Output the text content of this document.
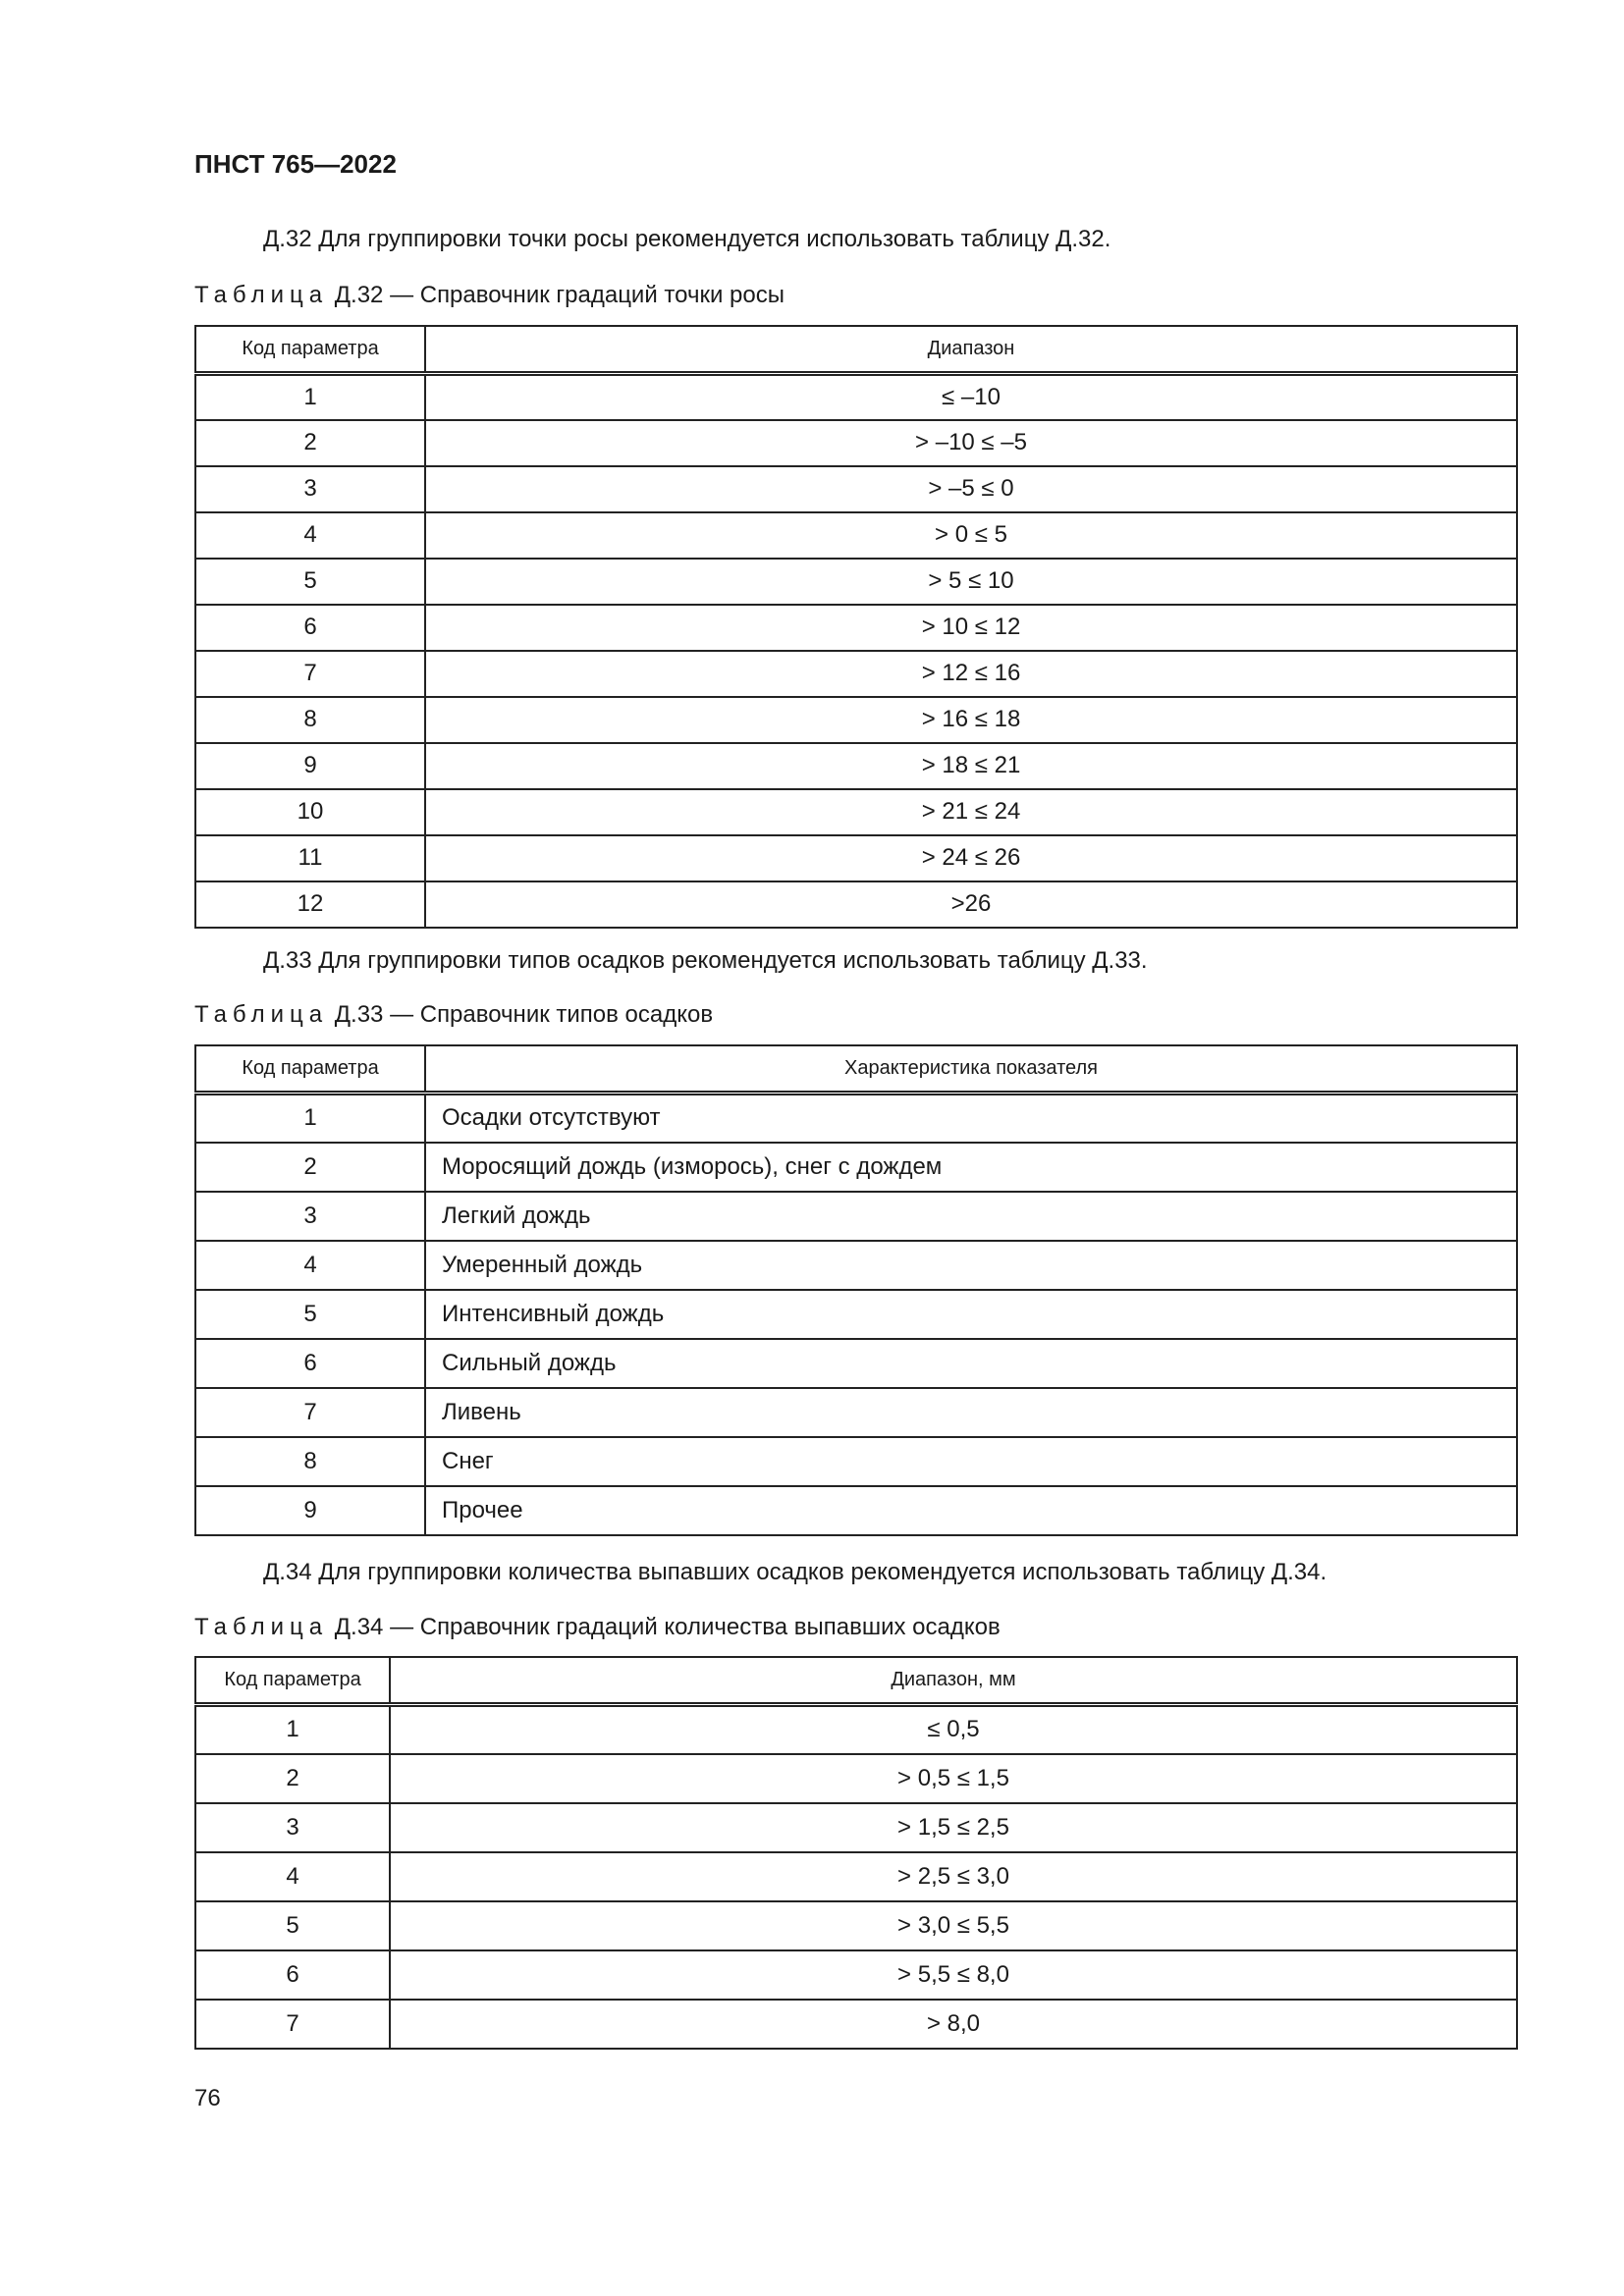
ПНСТ 765—2022
Д.32 Для группировки точки росы рекомендуется использовать таблицу Д.32.
Таблица Д.32 — Справочник градаций точки росы
Код параметра	Диапазон
1	≤ –10
2	> –10 ≤ –5
3	> –5 ≤ 0
4	> 0 ≤ 5
5	> 5 ≤ 10
6	> 10 ≤ 12
7	> 12 ≤ 16
8	> 16 ≤ 18
9	> 18 ≤ 21
10	> 21 ≤ 24
11	> 24 ≤ 26
12	>26
Д.33 Для группировки типов осадков рекомендуется использовать таблицу Д.33.
Таблица Д.33 — Справочник типов осадков
Код параметра	Характеристика показателя
1	Осадки отсутствуют
2	Моросящий дождь (изморось), снег с дождем
3	Легкий дождь
4	Умеренный дождь
5	Интенсивный дождь
6	Сильный дождь
7	Ливень
8	Снег
9	Прочее
Д.34 Для группировки количества выпавших осадков рекомендуется использовать таблицу Д.34.
Таблица Д.34 — Справочник градаций количества выпавших осадков
Код параметра	Диапазон, мм
1	≤ 0,5
2	> 0,5 ≤ 1,5
3	> 1,5 ≤ 2,5
4	> 2,5 ≤ 3,0
5	> 3,0 ≤ 5,5
6	> 5,5 ≤ 8,0
7	> 8,0
76
